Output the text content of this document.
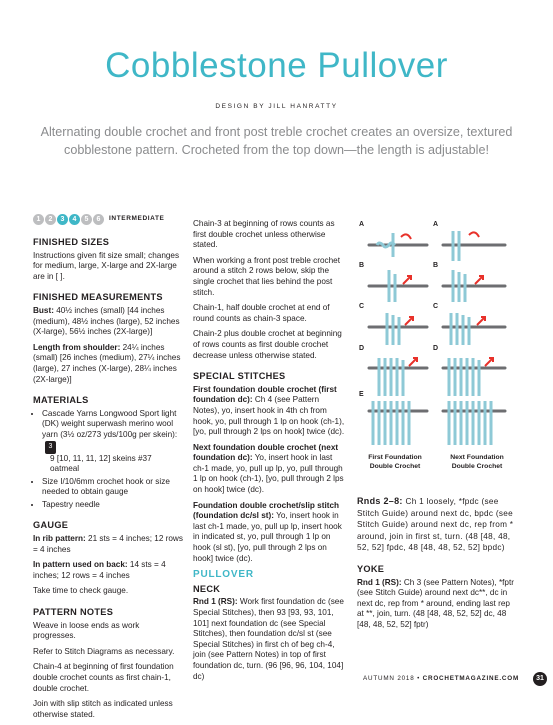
Cobblestone Pullover
DESIGN BY JILL HANRATTY
Alternating double crochet and front post treble crochet creates an oversize, textured cobblestone pattern. Crocheted from the top down—the length is adjustable!
1	2	3	4	5	6	INTERMEDIATE
FINISHED SIZES

Instructions given fit size small; changes for medium, large, X-large and 2X-large are in [ ].

FINISHED MEASUREMENTS

Bust: 40½ inches (small) [44 inches (medium), 48½ inches (large), 52 inches (X-large), 56½ inches (2X-large)]

Length from shoulder: 24¼ inches (small) [26 inches (medium), 27¼ inches (large), 27 inches (X-large), 28¼ inches (2X-large)]

MATERIALS
• Cascade Yarns Longwood Sport light (DK) weight superwash merino wool yarn (3½ oz/273 yds/100g per skein):3
9 [10, 11, 11, 12] skeins #37 oatmeal
• Size I/10/6mm crochet hook or size needed to obtain gauge
• Tapestry needle
GAUGE

In rib pattern: 21 sts = 4 inches; 12 rows = 4 inches

In pattern used on back: 14 sts = 4 inches; 12 rows = 4 inches

Take time to check gauge.

PATTERN NOTES

Weave in loose ends as work progresses.

Refer to Stitch Diagrams as necessary.

Chain-4 at beginning of first foundation double crochet counts as first chain-1, double crochet.

Join with slip stitch as indicated unless otherwise stated.

Chain-3 at beginning of rows counts as first double crochet unless otherwise stated.

When working a front post treble crochet around a stitch 2 rows below, skip the single crochet that lies behind the post stitch.

Chain-1, half double crochet at end of round counts as chain-3 space.

Chain-2 plus double crochet at beginning of rows counts as first double crochet decrease unless otherwise stated.

SPECIAL STITCHES

First foundation double crochet (first foundation dc): Ch 4 (see Pattern Notes), yo, insert hook in 4th ch from hook, yo, pull through 1 lp on hook (ch-1), [yo, pull through 2 lps on hook] twice (dc).

Next foundation double crochet (next foundation dc): Yo, insert hook in last ch-1 made, yo, pull up lp, yo, pull through 1 lp on hook (ch-1), [yo, pull through 2 lps on hook] twice (dc).

Foundation double crochet/slip stitch (foundation dc/sl st): Yo, insert hook in last ch-1 made, yo, pull up lp, insert hook in indicated st, yo, pull through 1 lp on hook (sl st), [yo, pull through 2 lps on hook] twice (dc).

PULLOVER
NECK

Rnd 1 (RS): Work first foundation dc (see Special Stitches), then 93 [93, 93, 101, 101] next foundation dc (see Special Stitches), then foundation dc/sl st (see Special Stitches) in first ch of beg ch-4, join (see Pattern Notes) in top of first foundation dc, turn. (96 [96, 96, 104, 104] dc)

A
B
C
D
E
A
B
C
D
First Foundation
Double Crochet
Next Foundation
Double Crochet
Rnds 2–8: Ch 1 loosely, *fpdc (see Stitch Guide) around next dc, bpdc (see Stitch Guide) around next dc, rep from * around, join in first st, turn. (48 [48, 48, 52, 52] fpdc, 48 [48, 48, 52, 52] bpdc)
YOKE

Rnd 1 (RS): Ch 3 (see Pattern Notes), *fptr (see Stitch Guide) around next dc**, dc in next dc, rep from * around, ending last rep at **, join, turn. (48 [48, 48, 52, 52] dc, 48 [48, 48, 52, 52] fptr)

AUTUMN 2018 • CROCHETMAGAZINE.COM	31
